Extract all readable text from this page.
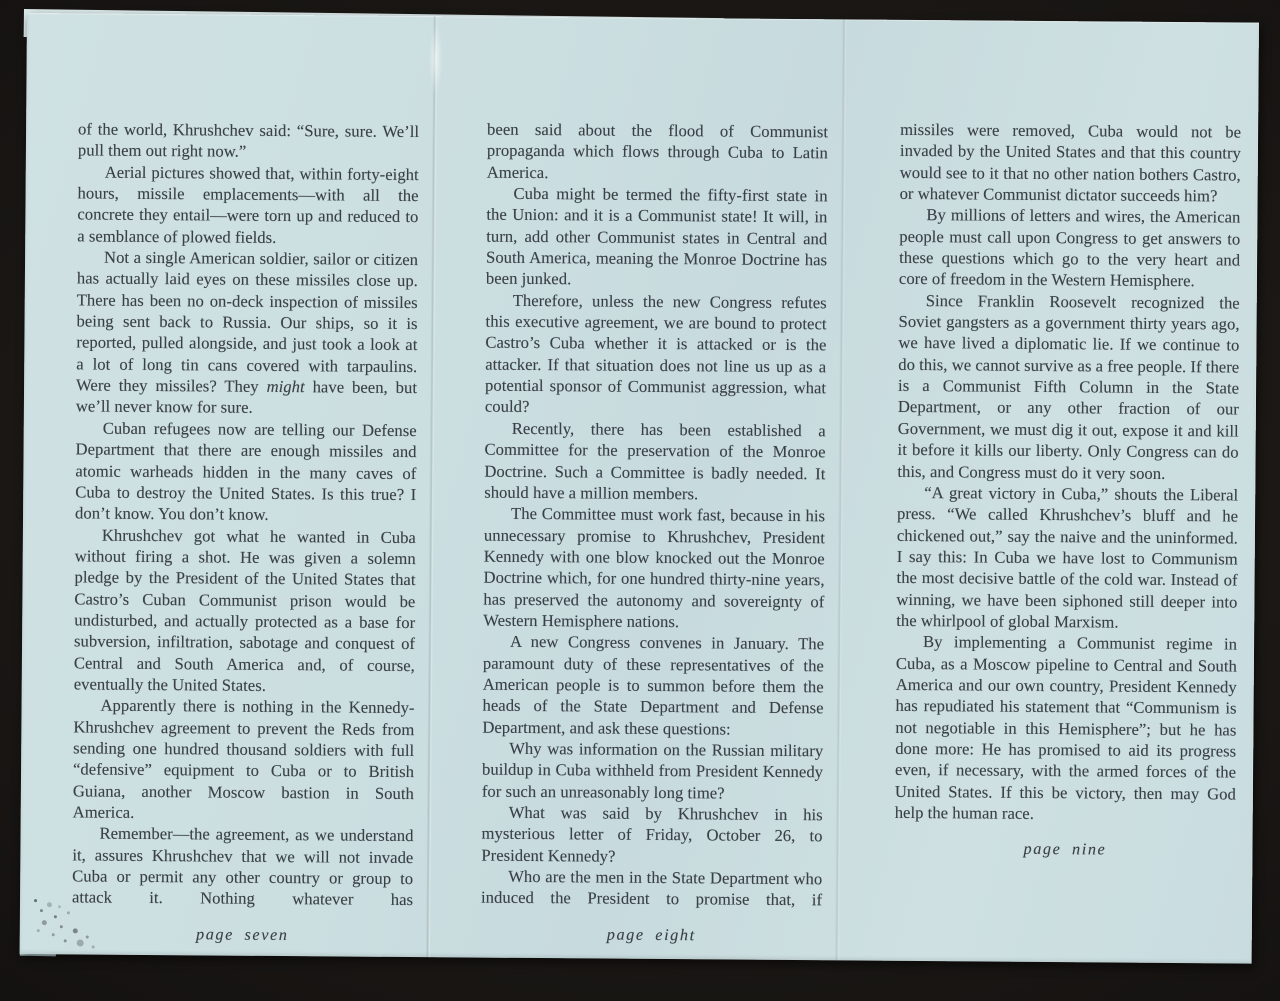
of the world, Khrushchev said: “Sure, sure. We’ll pull them out right now.”

Aerial pictures showed that, within forty-eight hours, missile emplacements—with all the concrete they entail—were torn up and reduced to a semblance of plowed fields.

Not a single American soldier, sailor or citizen has actually laid eyes on these missiles close up. There has been no on-deck inspection of missiles being sent back to Russia. Our ships, so it is reported, pulled alongside, and just took a look at a lot of long tin cans covered with tarpaulins. Were they missiles? They might have been, but we’ll never know for sure.

Cuban refugees now are telling our Defense Department that there are enough missiles and atomic warheads hidden in the many caves of Cuba to destroy the United States. Is this true? I don’t know. You don’t know.

Khrushchev got what he wanted in Cuba without firing a shot. He was given a solemn pledge by the President of the United States that Castro’s Cuban Communist prison would be undisturbed, and actually protected as a base for subversion, infiltration, sabotage and conquest of Central and South America and, of course, eventually the United States.

Apparently there is nothing in the Kennedy-Khrushchev agreement to prevent the Reds from sending one hundred thousand soldiers with full “defensive” equipment to Cuba or to British Guiana, another Moscow bastion in South America.

Remember—the agreement, as we understand it, assures Khrushchev that we will not invade Cuba or permit any other country or group to attack it. Nothing whatever has

page seven

been said about the flood of Communist propaganda which flows through Cuba to Latin America.

Cuba might be termed the fifty-first state in the Union: and it is a Communist state! It will, in turn, add other Communist states in Central and South America, meaning the Monroe Doctrine has been junked.

Therefore, unless the new Congress refutes this executive agreement, we are bound to protect Castro’s Cuba whether it is attacked or is the attacker. If that situation does not line us up as a potential sponsor of Communist aggression, what could?

Recently, there has been established a Committee for the preservation of the Monroe Doctrine. Such a Committee is badly needed. It should have a million members.

The Committee must work fast, because in his unnecessary promise to Khrushchev, President Kennedy with one blow knocked out the Monroe Doctrine which, for one hundred thirty-nine years, has preserved the autonomy and sovereignty of Western Hemisphere nations.

A new Congress convenes in January. The paramount duty of these representatives of the American people is to summon before them the heads of the State Department and Defense Department, and ask these questions:

Why was information on the Russian military buildup in Cuba withheld from President Kennedy for such an unreasonably long time?

What was said by Khrushchev in his mysterious letter of Friday, October 26, to President Kennedy?

Who are the men in the State Department who induced the President to promise that, if

page eight

missiles were removed, Cuba would not be invaded by the United States and that this country would see to it that no other nation bothers Castro, or whatever Communist dictator succeeds him?

By millions of letters and wires, the American people must call upon Congress to get answers to these questions which go to the very heart and core of freedom in the Western Hemisphere.

Since Franklin Roosevelt recognized the Soviet gangsters as a government thirty years ago, we have lived a diplomatic lie. If we continue to do this, we cannot survive as a free people. If there is a Communist Fifth Column in the State Department, or any other fraction of our Government, we must dig it out, expose it and kill it before it kills our liberty. Only Congress can do this, and Congress must do it very soon.

“A great victory in Cuba,” shouts the Liberal press. “We called Khrushchev’s bluff and he chickened out,” say the naive and the uninformed. I say this: In Cuba we have lost to Communism the most decisive battle of the cold war. Instead of winning, we have been siphoned still deeper into the whirlpool of global Marxism.

By implementing a Communist regime in Cuba, as a Moscow pipeline to Central and South America and our own country, President Kennedy has repudiated his statement that “Communism is not negotiable in this Hemisphere”; but he has done more: He has promised to aid its progress even, if necessary, with the armed forces of the United States. If this be victory, then may God help the human race.

page nine
